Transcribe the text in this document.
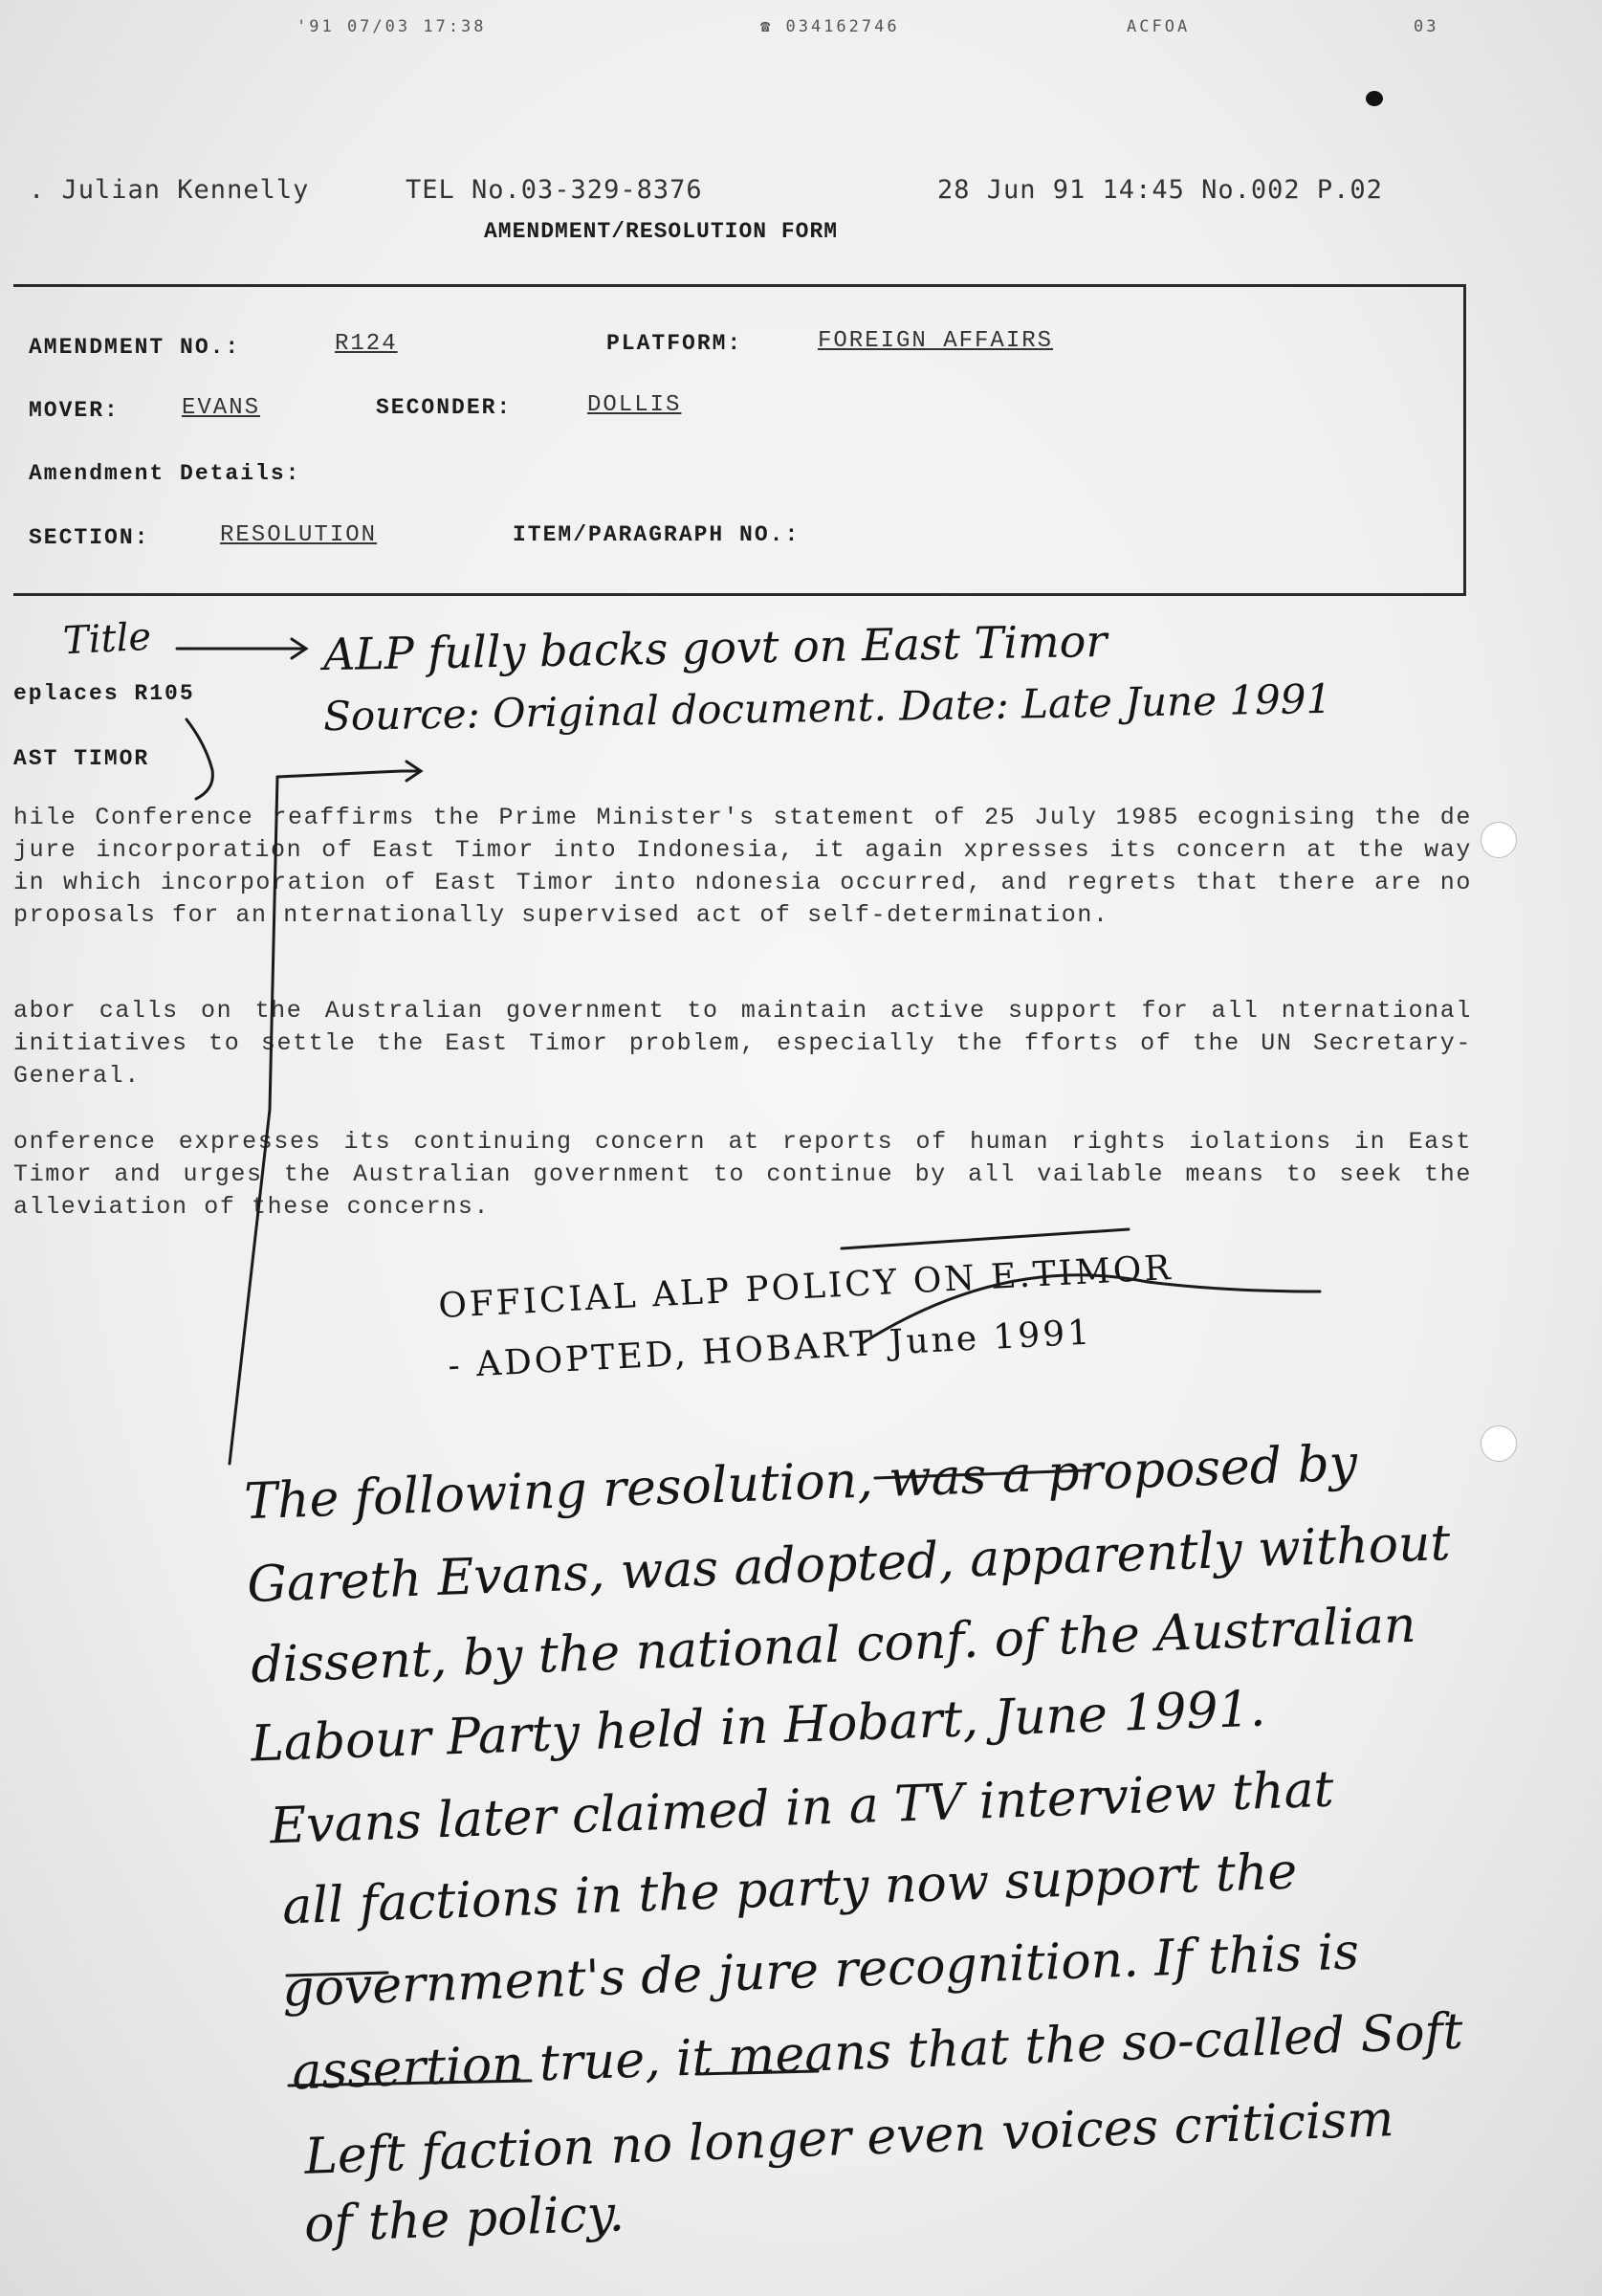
'91 07/03 17:38	☎ 034162746	ACFOA	03
. Julian Kennelly	TEL No.03-329-8376	28 Jun 91 14:45 No.002 P.02
AMENDMENT/RESOLUTION FORM
AMENDMENT NO.:	R124	PLATFORM:	FOREIGN AFFAIRS
MOVER:	EVANS	SECONDER:	DOLLIS
Amendment Details:
SECTION:	RESOLUTION	ITEM/PARAGRAPH NO.:
eplaces R105
AST TIMOR
hile Conference reaffirms the Prime Minister's statement of 25 July 1985 ecognising the de jure incorporation of East Timor into Indonesia, it again xpresses its concern at the way in which incorporation of East Timor into ndonesia occurred, and regrets that there are no proposals for an nternationally supervised act of self-determination.
abor calls on the Australian government to maintain active support for all nternational initiatives to settle the East Timor problem, especially the fforts of the UN Secretary-General.
onference expresses its continuing concern at reports of human rights iolations in East Timor and urges the Australian government to continue by all vailable means to seek the alleviation of these concerns.
Title	ALP fully backs govt on East Timor
Source: Original document. Date: Late June 1991
OFFICIAL ALP POLICY ON E.TIMOR
- ADOPTED, HOBART June 1991
The following resolution, was a proposed by
Gareth Evans, was adopted, apparently without
dissent, by the national conf. of the Australian
Labour Party held in Hobart, June 1991.
Evans later claimed in a TV interview that
all factions in the party now support the
government's de jure recognition. If this is
assertion true, it means that the so-called Soft
Left faction no longer even voices criticism
of the policy.
